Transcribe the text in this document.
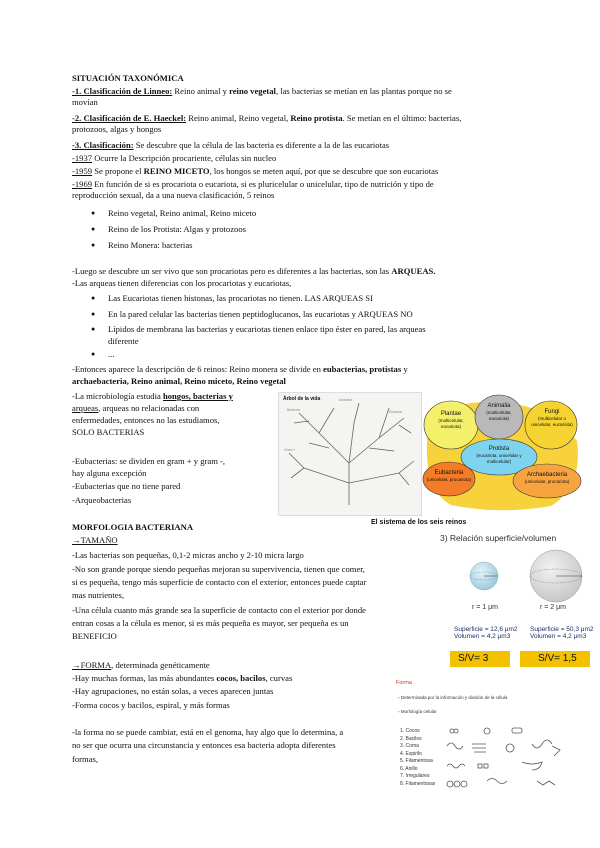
SITUACIÓN TAXONÓMICA
-1. Clasificación de Linneo: Reino animal y reino vegetal, las bacterias se metían en las plantas porque no se
movían
-2. Clasificación de E. Haeckel: Reino animal, Reino vegetal, Reino protista. Se metían en el último: bacterias,
protozoos, algas y hongos
-3. Clasificación: Se descubre que la célula de las bacteria es diferente a la de las eucariotas
-1937 Ocurre la Descripción procariente, células sin nucleo
-1959 Se propone el REINO MICETO, los hongos se meten aquí, por que se descubre que son eucariotas
-1969 En función de si es procariota o eucariota, si es pluricelular o unicelular, tipo de nutrición y tipo de
reproducción sexual, da a una nueva clasificación, 5 reinos
● Reino vegetal, Reino animal, Reino miceto
● Reino de los Protista: Algas y protozoos
● Reino Monera: bacterias
-Luego se descubre un ser vivo que son procariotas pero es diferentes a las bacterias, son las ARQUEAS.
-Las arqueas tienen diferencias con los procariotas y eucariotas,
● Las Eucariotas tienen histonas, las procariotas no tienen. LAS ARQUEAS SI
● En la pared celular las bacterias tienen peptidoglucanos, las eucariotas y ARQUEAS NO
● Lípidos de membrana las bacterias y eucariotas tienen enlace tipo éster en pared, las arqueas
diferente
● ...
-Entonces aparece la descripción de 6 reinos: Reino monera se divide en eubacterias, protistas y
archaebacteria, Reino animal, Reino miceto, Reino vegetal
-La microbiología estudia hongos, bacterias y
arqueas, arqueas no relacionadas con
enfermedades, entonces no las estudiamos,
SOLO BACTERIAS
-Eubacterias: se dividen en gram + y gram -,
hay alguna excepción
-Eubacterias que no tiene pared
-Arqueobacterias
Árbol de la vida
Bacteria	Eukarya
Archaea
Gram +
Plantae
(multicelular, eucariota)
Animalia
(multicelular, eucariota)
Fungi
(multicelular o unicelular, eucariota)
Protista
(eucariota, unicelular y multicelular)
Eubacteria
(unicelular, procariota)
Archaebacteria
(unicelular, procariota)
El sistema de los seis reinos
MORFOLOGIA BACTERIANA
→TAMAÑO
-Las bacterias son pequeñas, 0,1-2 micras ancho y 2-10 micra largo
-No son grande porque siendo pequeñas mejoran su supervivencia, tienen que comer,
si es pequeña, tengo más superficie de contacto con el exterior, entonces puede captar
mas nutrientes,
-Una célula cuanto más grande sea la superficie de contacto con el exterior por donde
entran cosas a la célula es menor, si es más pequeña es mayor, ser pequeña es un
BENEFICIO
→FORMA, determinada genéticamente
-Hay muchas formas, las más abundantes cocos, bacilos, curvas
-Hay agrupaciones, no están solas, a veces aparecen juntas
-Forma cocos y bacilos, espiral, y más formas
-la forma no se puede cambiar, está en el genoma, hay algo que lo determina, a
no ser que ocurra una circunstancia y entonces esa bacteria adopta diferentes
formas,
3) Relación superficie/volumen
r = 1 μm	r = 2 μm
Superficie = 12,6 μm2
Volumen = 4,2 μm3
Superficie = 50,3 μm2
Volumen = 4,2 μm3
S/V= 3	S/V= 1,5
Forma
▫ Determinada por la información y división de la célula
▫ Morfología celular
1. Cocos
2. Bacilos
3. Coma
4. Espirilo
5. Filamentosa
6. Anillo
7. Irregulares
8. Filamentosas
